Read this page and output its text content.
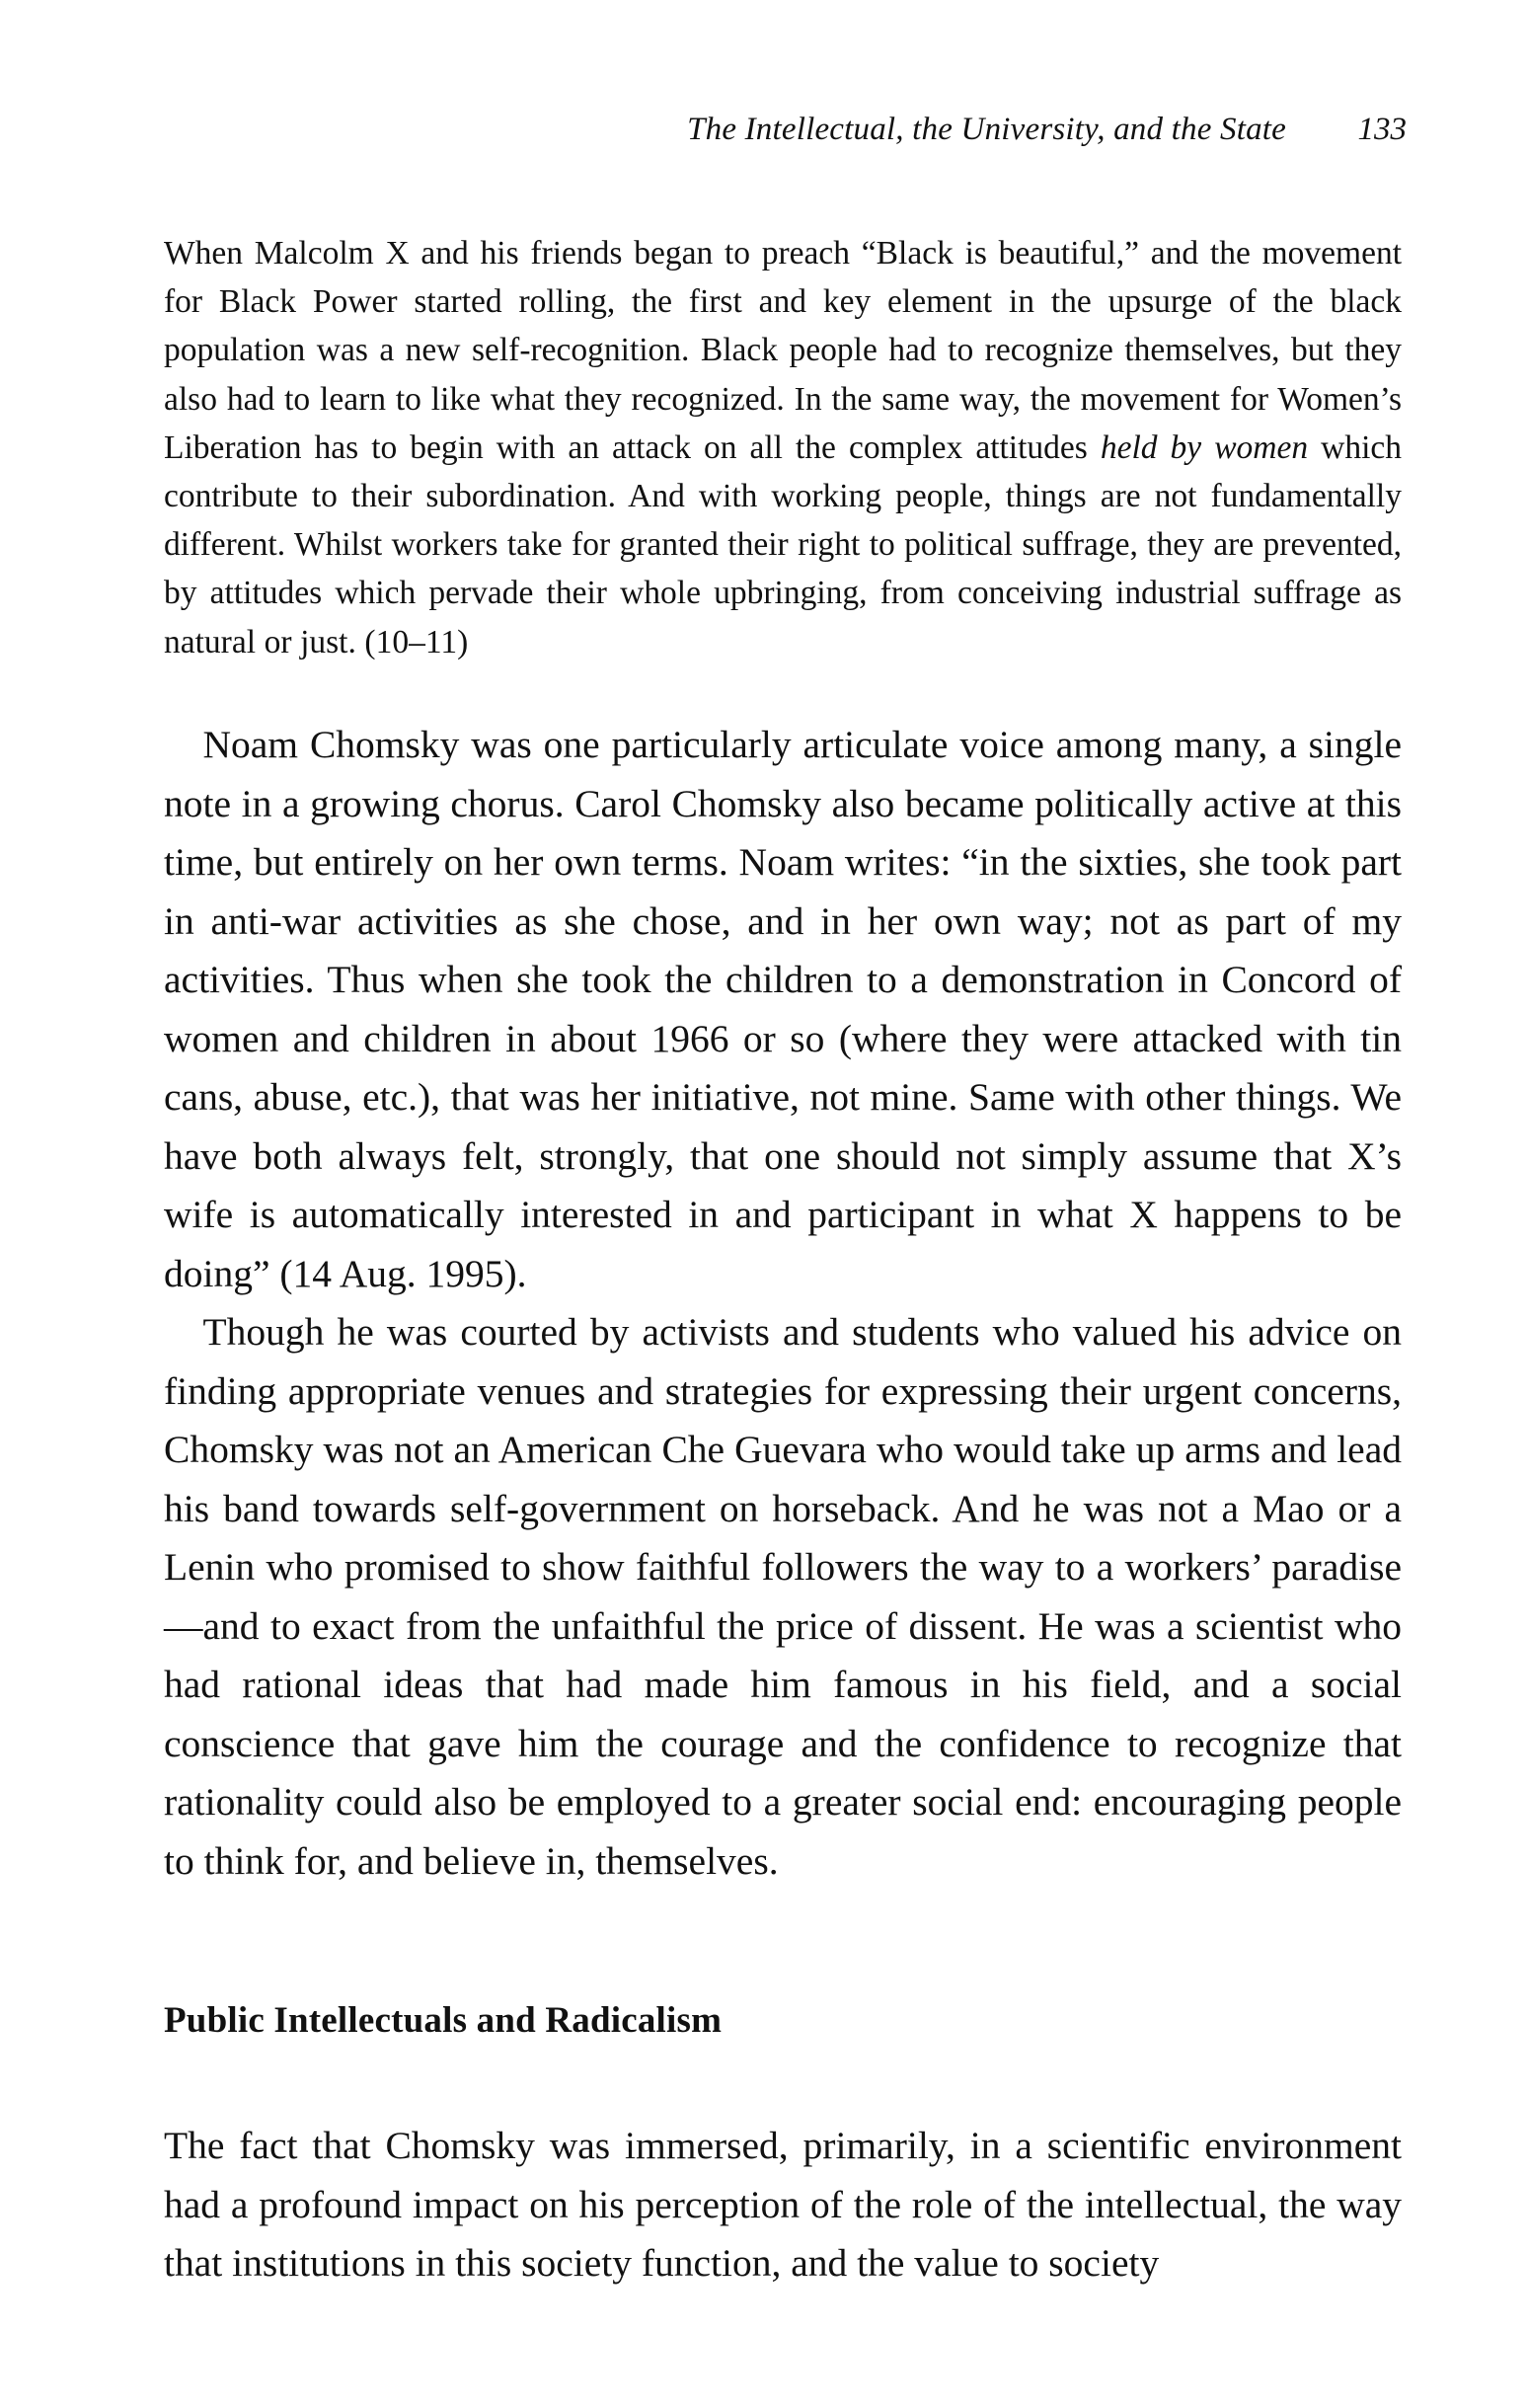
The Intellectual, the University, and the State 133
When Malcolm X and his friends began to preach “Black is beautiful,” and the movement for Black Power started rolling, the first and key element in the upsurge of the black population was a new self-recognition. Black people had to recognize themselves, but they also had to learn to like what they recognized. In the same way, the movement for Women’s Liberation has to begin with an attack on all the complex attitudes held by women which contribute to their subordination. And with working people, things are not fundamentally different. Whilst workers take for granted their right to political suffrage, they are prevented, by attitudes which pervade their whole upbringing, from conceiving industrial suffrage as natural or just. (10–11)

Noam Chomsky was one particularly articulate voice among many, a single note in a growing chorus. Carol Chomsky also became politically active at this time, but entirely on her own terms. Noam writes: “in the sixties, she took part in anti-war activities as she chose, and in her own way; not as part of my activities. Thus when she took the children to a demonstration in Concord of women and children in about 1966 or so (where they were attacked with tin cans, abuse, etc.), that was her initiative, not mine. Same with other things. We have both always felt, strongly, that one should not simply assume that X’s wife is automatically interested in and participant in what X happens to be doing” (14 Aug. 1995).

Though he was courted by activists and students who valued his advice on finding appropriate venues and strategies for expressing their urgent concerns, Chomsky was not an American Che Guevara who would take up arms and lead his band towards self-government on horseback. And he was not a Mao or a Lenin who promised to show faithful followers the way to a workers’ paradise—and to exact from the unfaithful the price of dissent. He was a scientist who had rational ideas that had made him famous in his field, and a social conscience that gave him the courage and the confidence to recognize that rationality could also be employed to a greater social end: encouraging people to think for, and believe in, themselves.

Public Intellectuals and Radicalism

The fact that Chomsky was immersed, primarily, in a scientific environment had a profound impact on his perception of the role of the intellectual, the way that institutions in this society function, and the value to society
